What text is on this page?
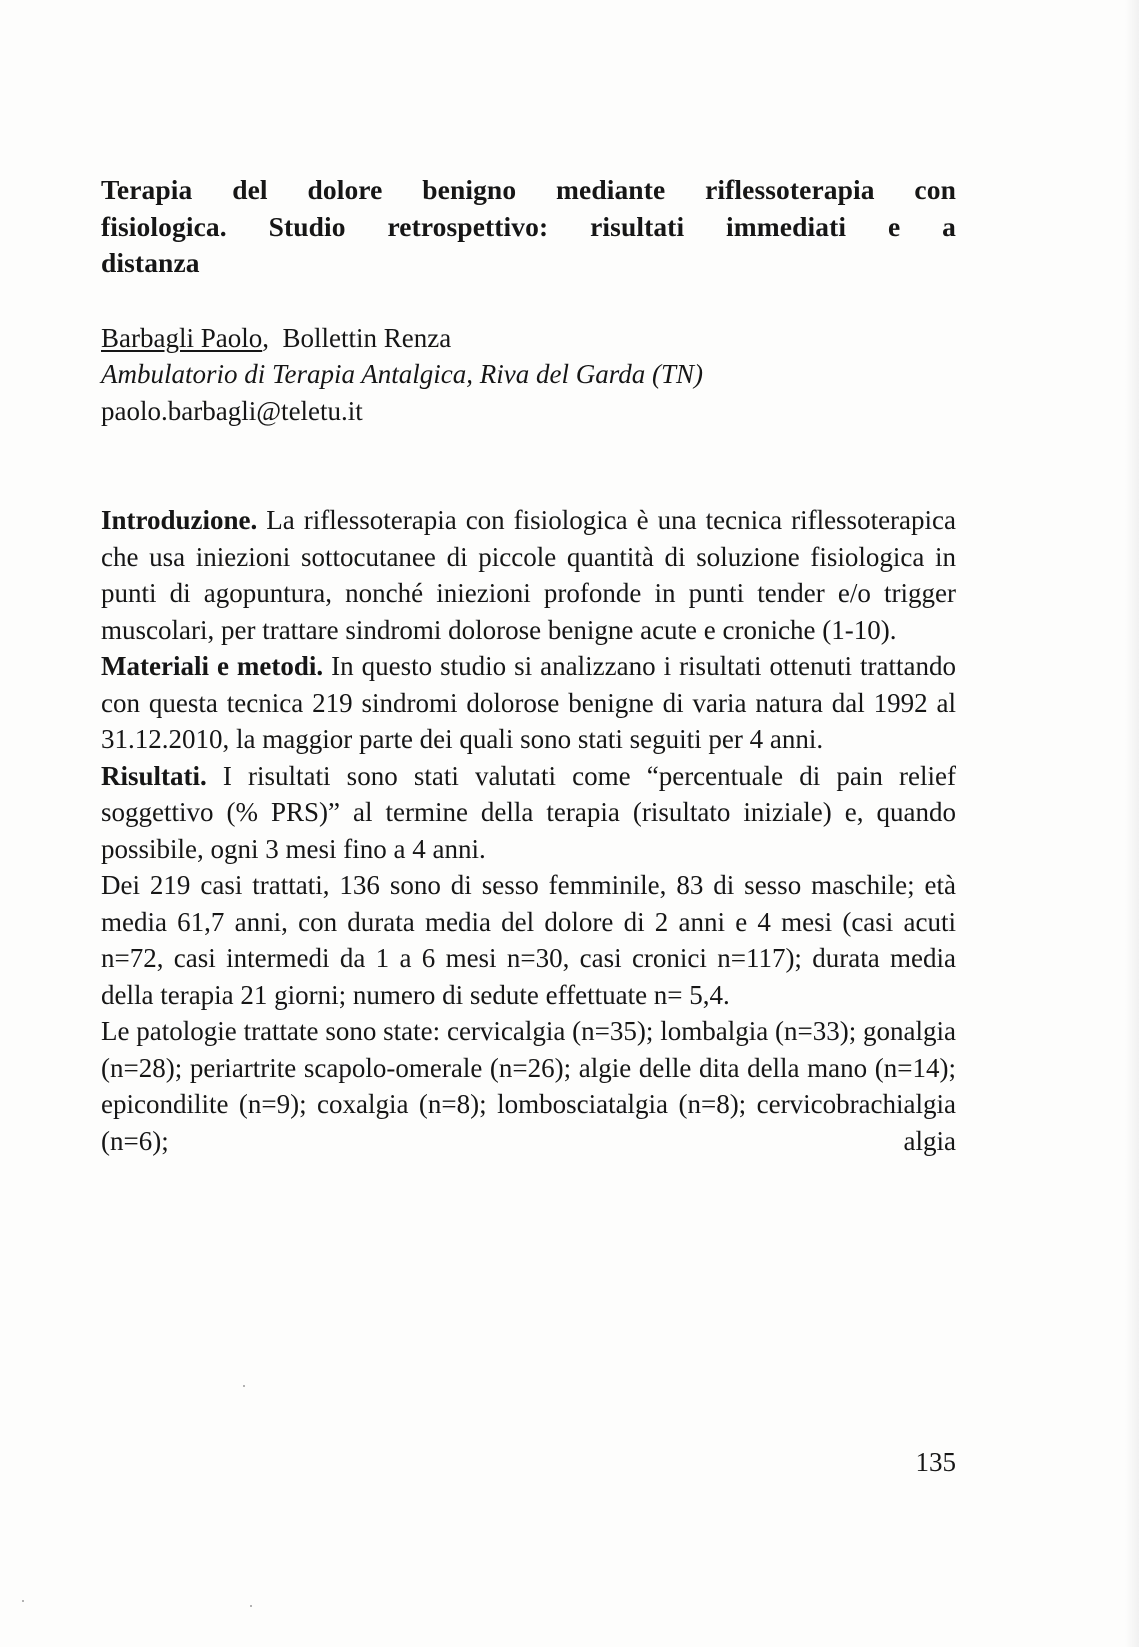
Terapia del dolore benigno mediante riflessoterapia con
fisiologica. Studio retrospettivo: risultati immediati e a
distanza
Barbagli Paolo,  Bollettin Renza
Ambulatorio di Terapia Antalgica, Riva del Garda (TN)
paolo.barbagli@teletu.it

Introduzione. La riflessoterapia con fisiologica è una tecnica riflessoterapica che usa iniezioni sottocutanee di piccole quantità di soluzione fisiologica in punti di agopuntura, nonché iniezioni profonde in punti tender e/o trigger muscolari, per trattare sindromi dolorose benigne acute e croniche (1-10).

Materiali e metodi. In questo studio si analizzano i risultati ottenuti trattando con questa tecnica 219 sindromi dolorose benigne di varia natura dal 1992 al 31.12.2010, la maggior parte dei quali sono stati seguiti per 4 anni.

Risultati. I risultati sono stati valutati come “percentuale di pain relief soggettivo (% PRS)” al termine della terapia (risultato iniziale) e, quando possibile, ogni 3 mesi fino a 4 anni.

Dei 219 casi trattati, 136 sono di sesso femminile, 83 di sesso maschile; età media 61,7 anni, con durata media del dolore di 2 anni e 4 mesi (casi acuti n=72, casi intermedi da 1 a 6 mesi n=30, casi cronici n=117); durata media della terapia 21 giorni; numero di sedute effettuate n= 5,4.

Le patologie trattate sono state: cervicalgia (n=35); lombalgia (n=33); gonalgia (n=28); periartrite scapolo-omerale (n=26); algie delle dita della mano (n=14); epicondilite (n=9); coxalgia (n=8); lombosciatalgia (n=8); cervicobrachialgia (n=6); algia

135
